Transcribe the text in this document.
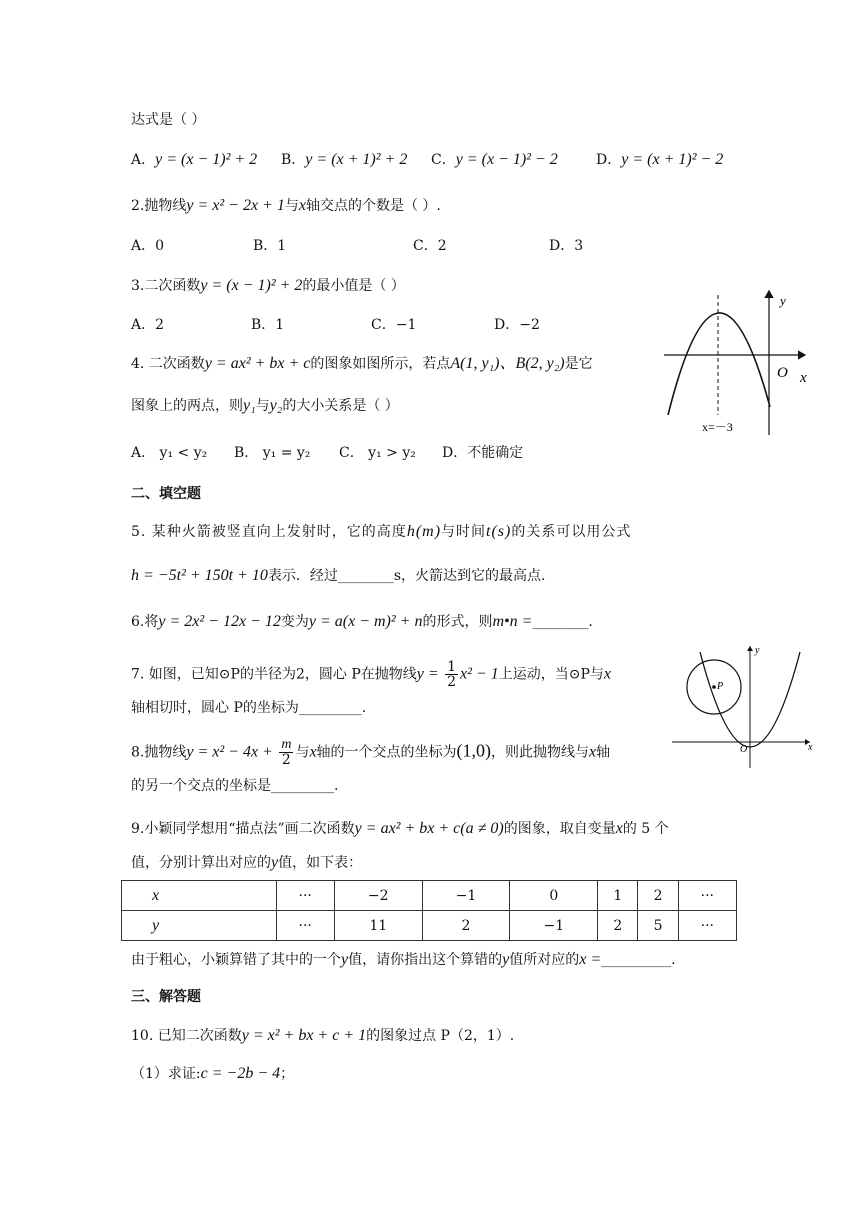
达式是（ ）
A．y = (x − 1)² + 2 B．y = (x + 1)² + 2 C．y = (x − 1)² − 2	D．y = (x + 1)² − 2
2.抛物线y = x² − 2x + 1与x轴交点的个数是（ ）.
A．0	B．1	C．2	D．3
3.二次函数y = (x − 1)² + 2的最小值是（ ）
A．2	B．1	C．−1	D．−2
4. 二次函数y = ax² + bx + c的图象如图所示，若点A(1, y₁)、B(2, y₂)是它
图象上的两点，则y₁与y₂的大小关系是（ ）
A． y₁ < y₂ B． y₁ = y₂ C． y₁ > y₂ D．不能确定
y
O x
x=－3
二、填空题
5. 某种火箭被竖直向上发射时，它的高度h(m)与时间t(s)的关系可以用公式
h = −5t² + 150t + 10表示．经过________s，火箭达到它的最高点.
6.将y = 2x² − 12x − 12变为y = a(x − m)² + n的形式，则m•n =________.
7. 如图，已知⊙P的半径为2，圆心 P在抛物线$y = \frac{1}{2} x^2 - 1$上运动，当⊙P与x
轴相切时，圆心 P的坐标为_________.
P
y
O	x
8.抛物线$y = x^2 - 4x + \frac{m}{2}$ 与x轴的一个交点的坐标为(1,0)，则此抛物线与x轴
的另一个交点的坐标是_________.
9.小颖同学想用“描点法”画二次函数y = ax² + bx + c(a ≠ 0)的图象，取自变量x的 5 个
值，分别计算出对应的y值，如下表：
x	···	−2	−1	0	1	2	···
y	···	11	2	−1	2	5	···
由于粗心，小颖算错了其中的一个y值，请你指出这个算错的y值所对应的x =__________.
三、解答题
10. 已知二次函数y = x² + bx + c + 1的图象过点 P（2，1）.
（1）求证:c = −2b − 4；
